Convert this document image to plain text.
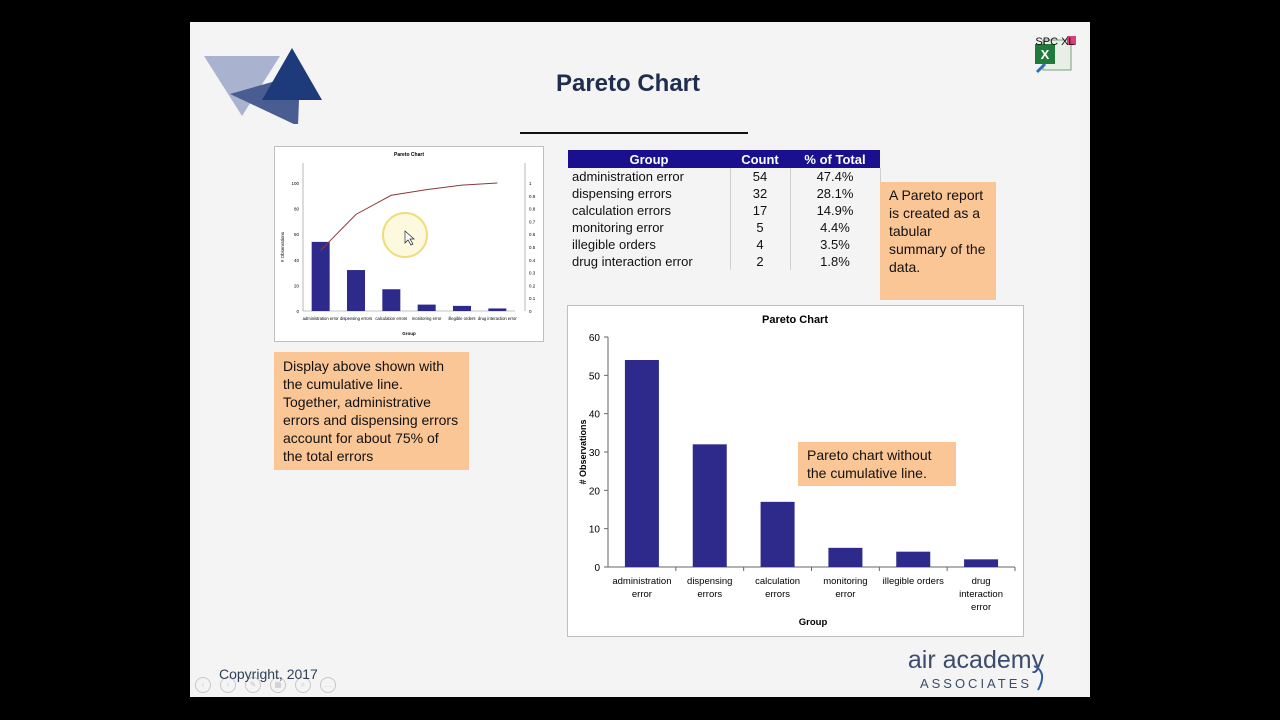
Pareto Chart
X
SPC XL
Pareto Chart
0
20
40
60
80
100
0
0.1
0.2
0.3
0.4
0.5
0.6
0.7
0.8
0.9
1
# Observations
administration error dispensing errors calculation errors monitoring error illegible orders drug interaction error
Group
Group	Count	% of Total
administration error	54	47.4%
dispensing errors	32	28.1%
calculation errors	17	14.9%
monitoring error	5	4.4%
illegible orders	4	3.5%
drug interaction error	2	1.8%
A Pareto report is created as a tabular summary of the data.
Display above shown with the cumulative line. Together, administrative errors and dispensing errors account for about 75% of the total errors
Pareto Chart
0
10
20
30
40
50
60
# Observations
administration error
dispensing errors
calculation errors
monitoring error
illegible orders	drug interaction error
Group
Pareto chart without the cumulative line.
‹	›	✎ ▦ ⌕ …
Copyright, 2017	air academy
ASSOCIATES
